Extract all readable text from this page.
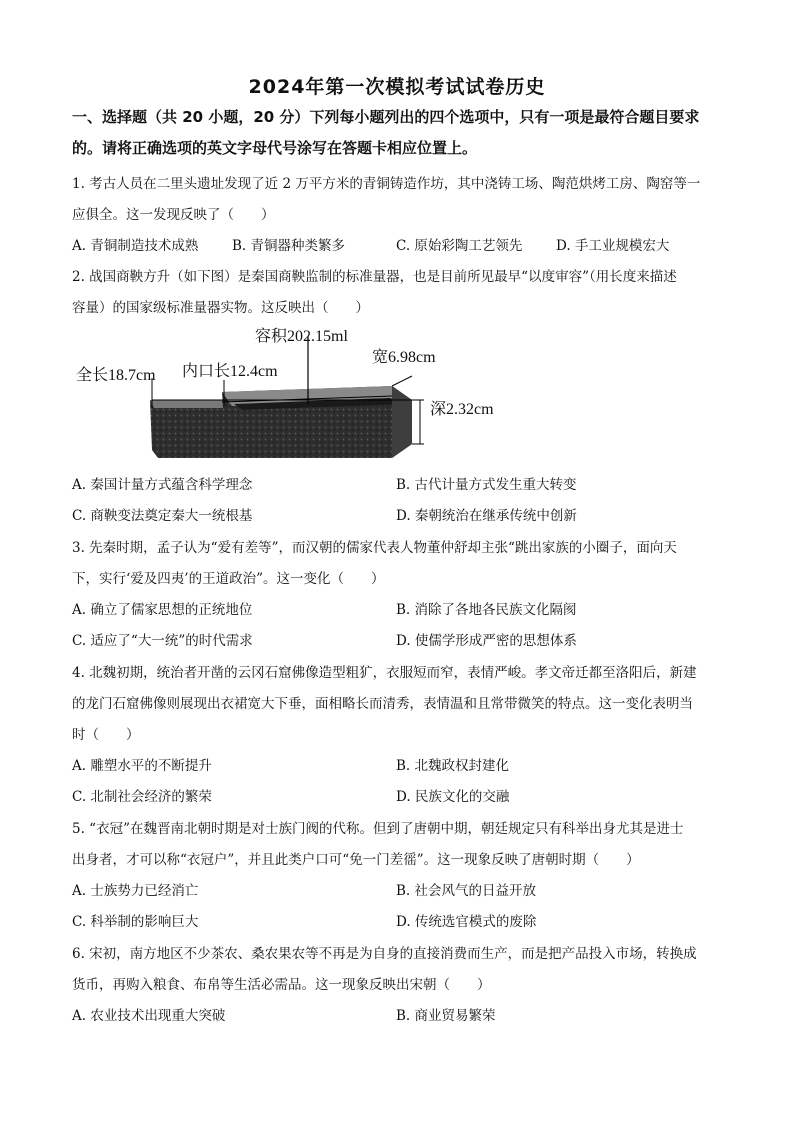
2024年第一次模拟考试试卷历史
一、选择题（共 20 小题，20 分）下列每小题列出的四个选项中，只有一项是最符合题目要求
的。请将正确选项的英文字母代号涂写在答题卡相应位置上。
1. 考古人员在二里头遗址发现了近 2 万平方米的青铜铸造作坊，其中浇铸工场、陶范烘烤工房、陶窑等一
应俱全。这一发现反映了（　　）
A. 青铜制造技术成熟 B. 青铜器种类繁多	C. 原始彩陶工艺领先 D. 手工业规模宏大
2. 战国商鞅方升（如下图）是秦国商鞅监制的标准量器，也是目前所见最早“以度审容”（用长度来描述
容量）的国家级标准量器实物。这反映出（　　）
容积202.15ml
全长18.7cm 内口长12.4cm
宽6.98cm
深2.32cm
A. 秦国计量方式蕴含科学理念	B. 古代计量方式发生重大转变
C. 商鞅变法奠定秦大一统根基	D. 秦朝统治在继承传统中创新
3. 先秦时期，孟子认为“爱有差等”，而汉朝的儒家代表人物董仲舒却主张“跳出家族的小圈子，面向天
下，实行‘爱及四夷’的王道政治”。这一变化（　　）
A. 确立了儒家思想的正统地位	B. 消除了各地各民族文化隔阂
C. 适应了“大一统”的时代需求	D. 使儒学形成严密的思想体系
4. 北魏初期，统治者开凿的云冈石窟佛像造型粗犷，衣服短而窄，表情严峻。孝文帝迁都至洛阳后，新建
的龙门石窟佛像则展现出衣裙宽大下垂，面相略长而清秀，表情温和且常带微笑的特点。这一变化表明当
时（　　）
A. 雕塑水平的不断提升	B. 北魏政权封建化
C. 北制社会经济的繁荣	D. 民族文化的交融
5. “衣冠”在魏晋南北朝时期是对士族门阀的代称。但到了唐朝中期，朝廷规定只有科举出身尤其是进士
出身者，才可以称“衣冠户”，并且此类户口可“免一门差徭”。这一现象反映了唐朝时期（　　）
A. 士族势力已经消亡	B. 社会风气的日益开放
C. 科举制的影响巨大	D. 传统选官模式的废除
6. 宋初，南方地区不少茶农、桑农果农等不再是为自身的直接消费而生产，而是把产品投入市场，转换成
货币，再购入粮食、布帛等生活必需品。这一现象反映出宋朝（　　）
A. 农业技术出现重大突破	B. 商业贸易繁荣
